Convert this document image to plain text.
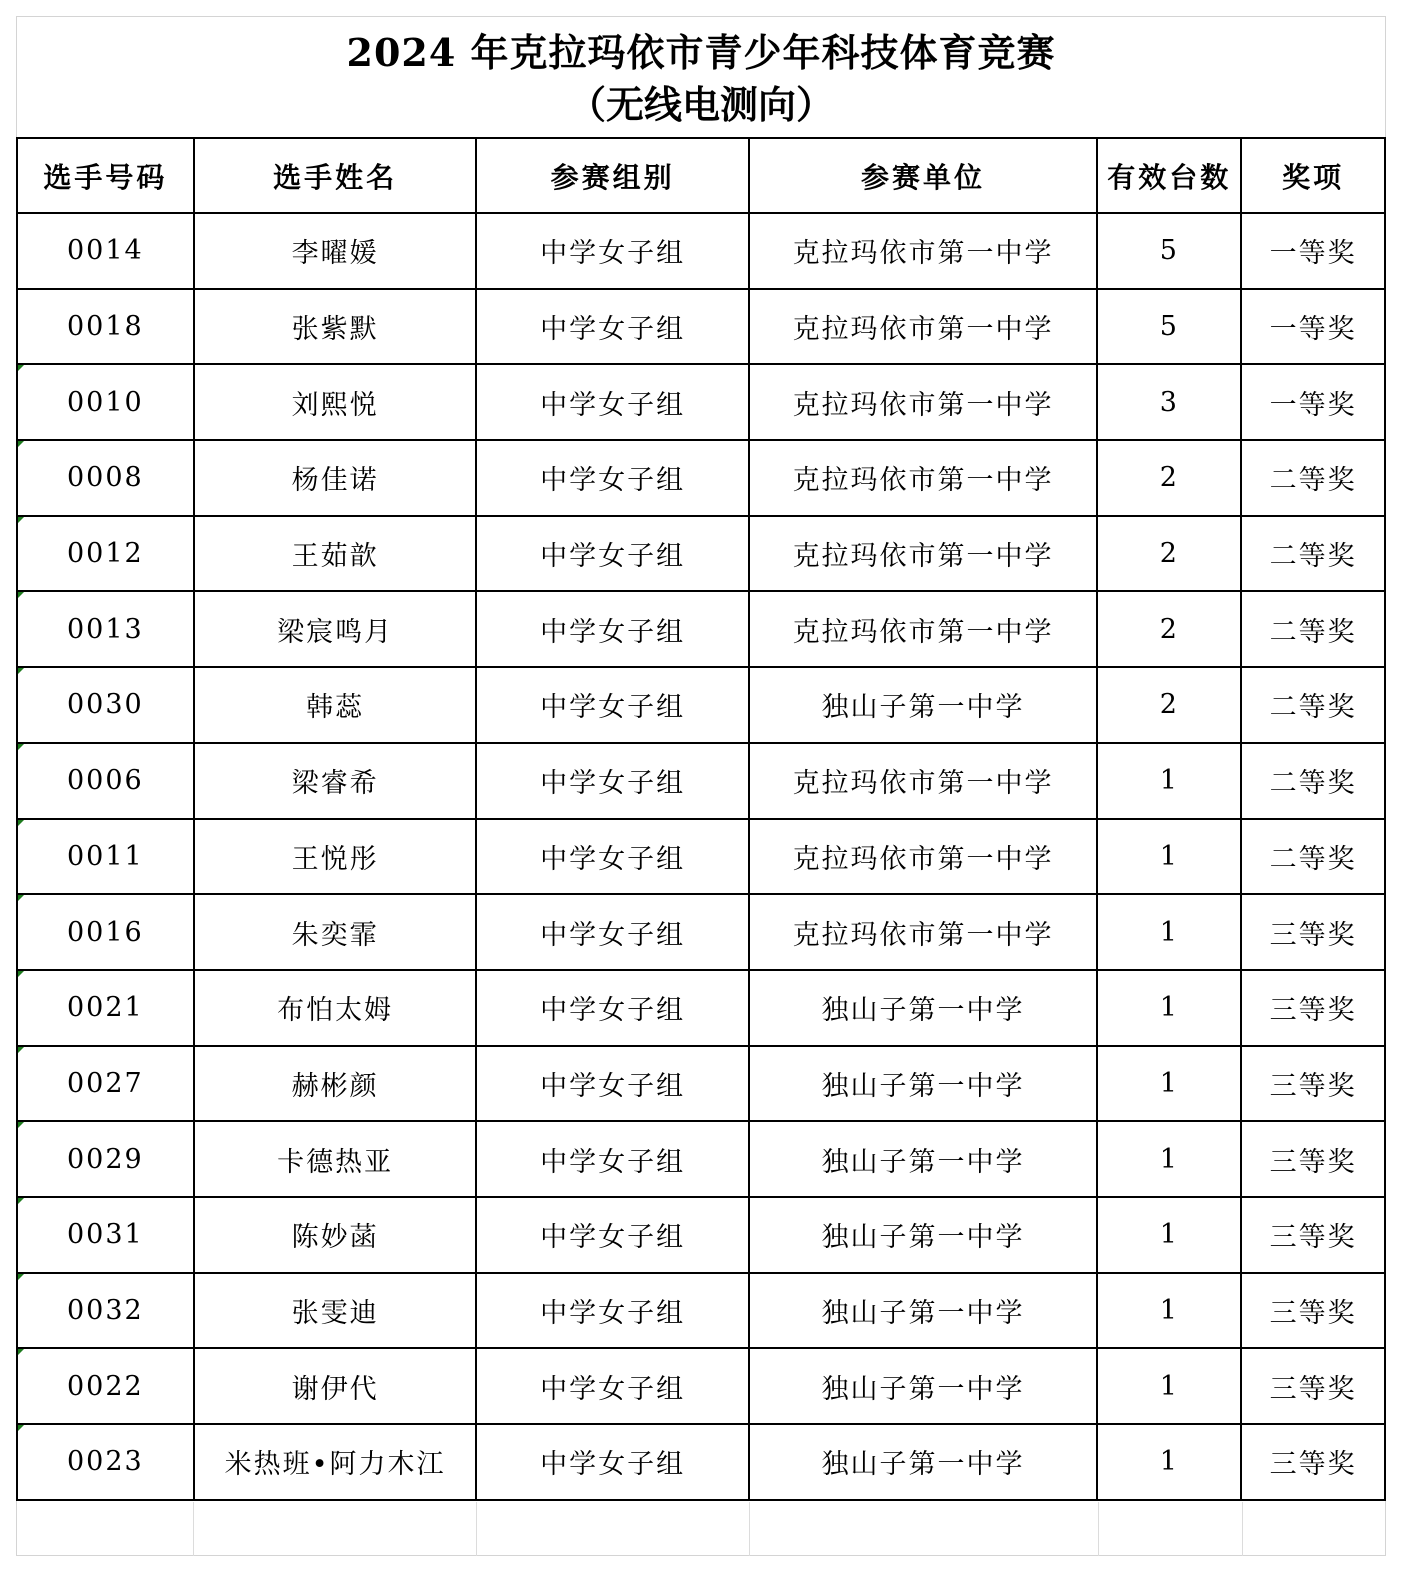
2024 年克拉玛依市青少年科技体育竞赛
（无线电测向）
选手号码	选手姓名	参赛组别	参赛单位	有效台数	奖项
0014	李曜媛	中学女子组	克拉玛依市第一中学	5	一等奖
0018	张紫默	中学女子组	克拉玛依市第一中学	5	一等奖
0010	刘熙悦	中学女子组	克拉玛依市第一中学	3	一等奖
0008	杨佳诺	中学女子组	克拉玛依市第一中学	2	二等奖
0012	王茹歆	中学女子组	克拉玛依市第一中学	2	二等奖
0013	梁宸鸣月	中学女子组	克拉玛依市第一中学	2	二等奖
0030	韩蕊	中学女子组	独山子第一中学	2	二等奖
0006	梁睿希	中学女子组	克拉玛依市第一中学	1	二等奖
0011	王悦彤	中学女子组	克拉玛依市第一中学	1	二等奖
0016	朱奕霏	中学女子组	克拉玛依市第一中学	1	三等奖
0021	布怕太姆	中学女子组	独山子第一中学	1	三等奖
0027	赫彬颜	中学女子组	独山子第一中学	1	三等奖
0029	卡德热亚	中学女子组	独山子第一中学	1	三等奖
0031	陈妙菡	中学女子组	独山子第一中学	1	三等奖
0032	张雯迪	中学女子组	独山子第一中学	1	三等奖
0022	谢伊代	中学女子组	独山子第一中学	1	三等奖
0023	米热班•阿力木江	中学女子组	独山子第一中学	1	三等奖
